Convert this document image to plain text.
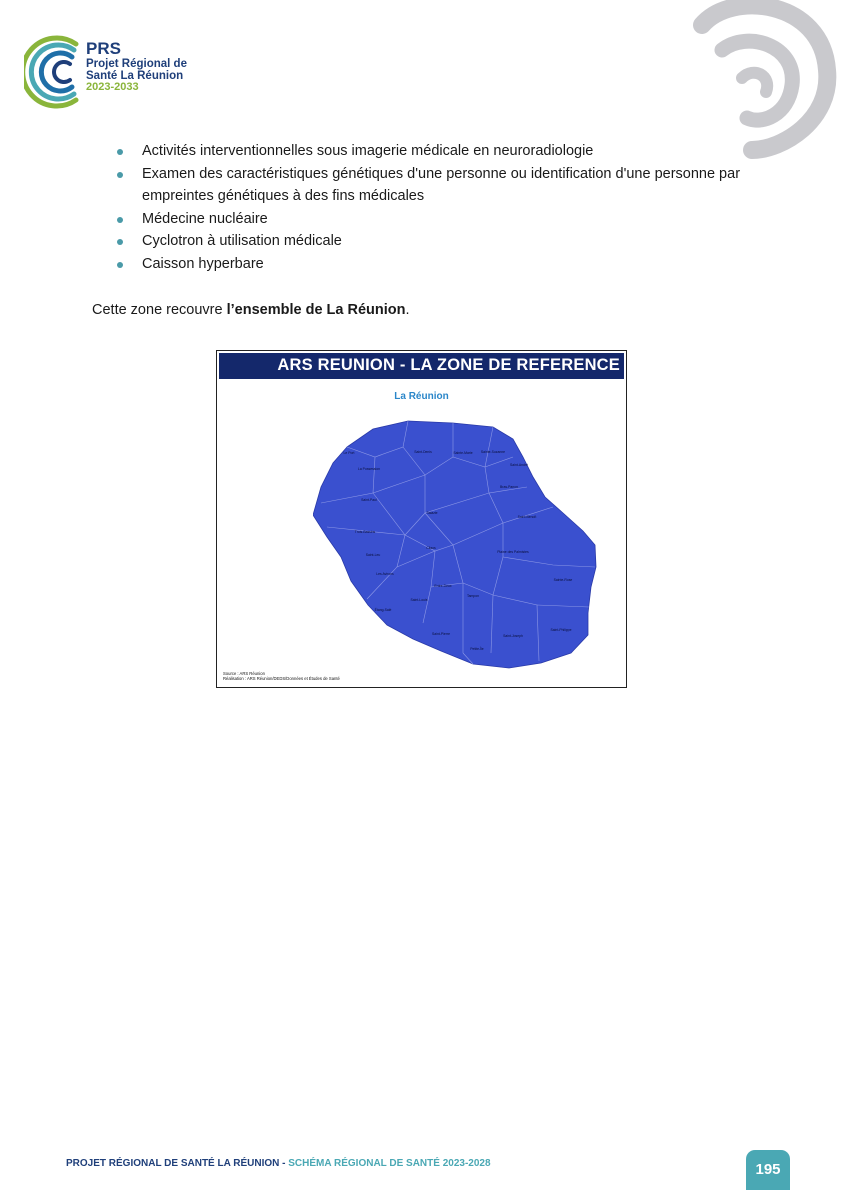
PRS
Projet Régional de
Santé La Réunion
2023-2033
Activités interventionnelles sous imagerie médicale en neuroradiologie
Examen des caractéristiques génétiques d'une personne ou identification d'une personne par empreintes génétiques à des fins médicales
Médecine nucléaire
Cyclotron à utilisation médicale
Caisson hyperbare

Cette zone recouvre l’ensemble de La Réunion.

ARS REUNION - LA ZONE DE REFERENCE
La Réunion
Le Port
La Possession
Saint-Denis	Sainte-Marie Sainte-Suzanne
Saint-André
Bras-Panon
Saint-Paul
Salazie
Saint-Benoît
Trois-Bassins
Cilaos
Plaine des Palmistes
Saint-Leu
Les Avirons
Entre-Deux
Sainte-Rose
Étang-Salé
Saint-Louis
Tampon
Saint-Pierre	Saint-Joseph
Saint-Philippe
Petite-Île
Source : ARS Réunion
Réalisation : ARS Réunion/DEDS/Données et Études de Santé
PROJET RÉGIONAL DE SANTÉ LA RÉUNION - SCHÉMA RÉGIONAL DE SANTÉ 2023-2028	195
